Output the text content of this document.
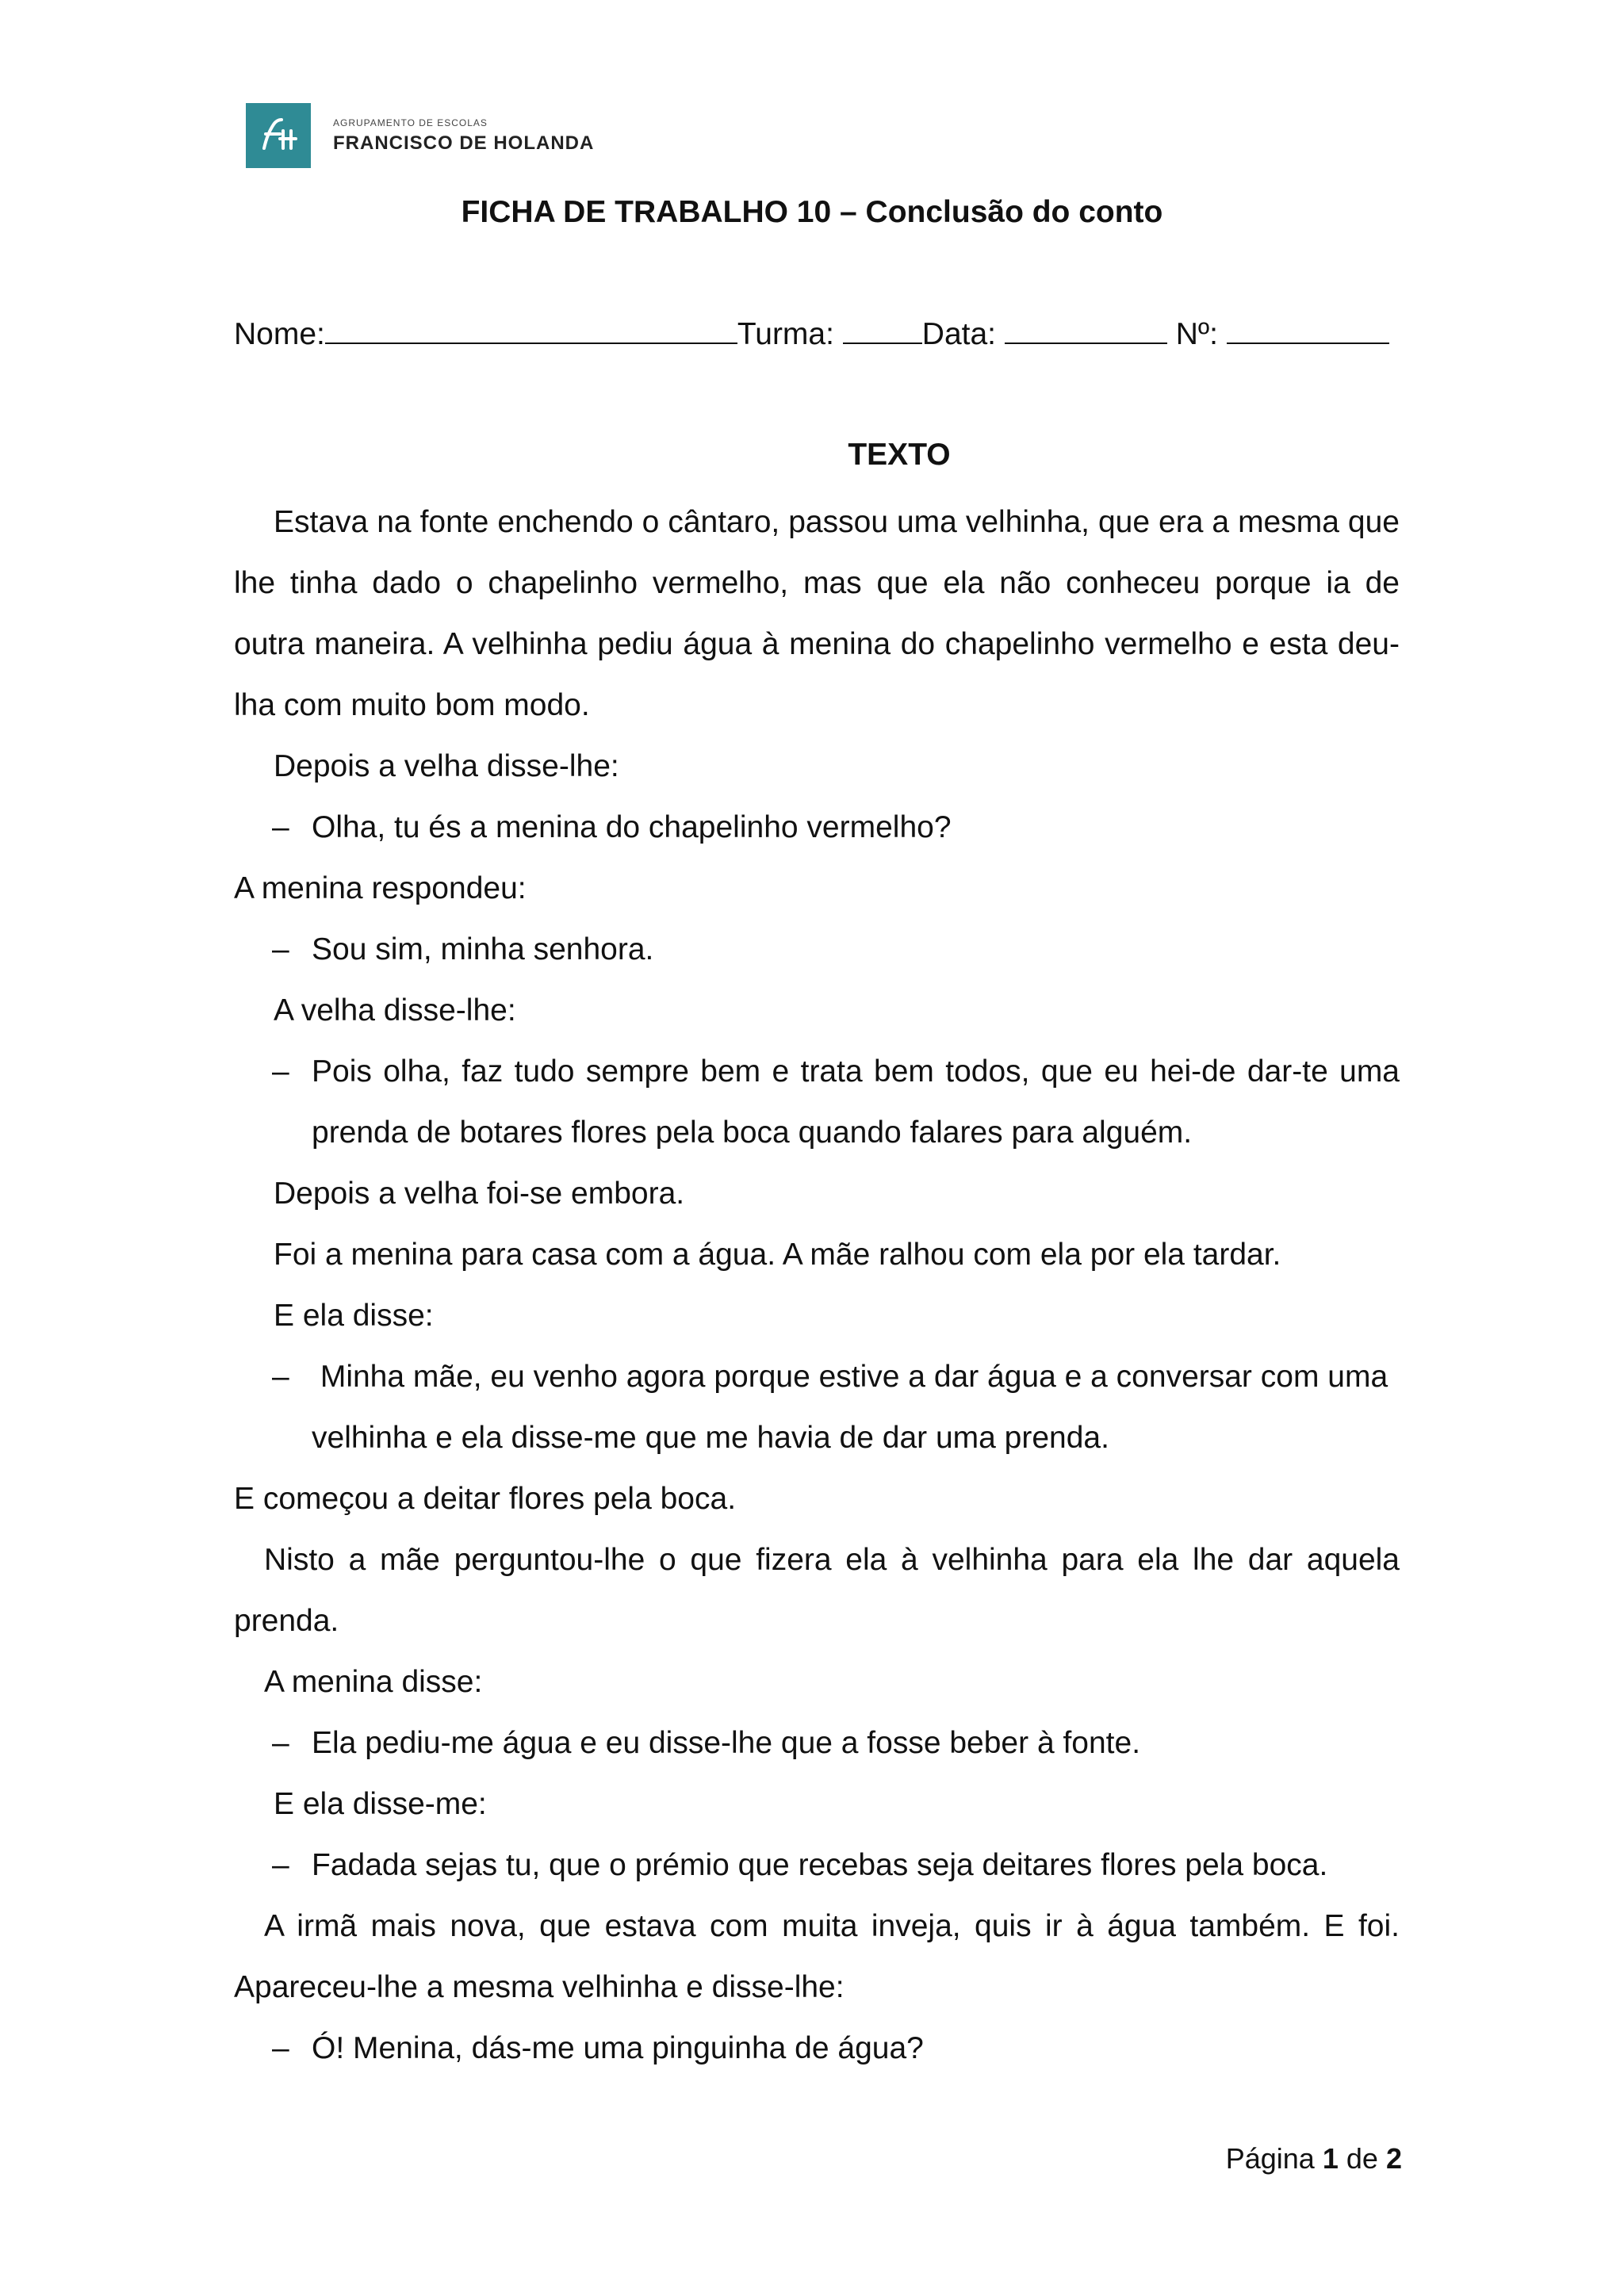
AGRUPAMENTO DE ESCOLAS
FRANCISCO DE HOLANDA
FICHA DE TRABALHO 10 – Conclusão do conto
Nome:	Turma:	Data:	Nº:
TEXTO
Estava na fonte enchendo o cântaro, passou uma velhinha, que era a mesma que
lhe tinha dado o chapelinho vermelho, mas que ela não conheceu porque ia de
outra maneira. A velhinha pediu água à menina do chapelinho vermelho e esta deu-
lha com muito bom modo.
Depois a velha disse-lhe:
– Olha, tu és a menina do chapelinho vermelho?
A menina respondeu:
– Sou sim, minha senhora.
A velha disse-lhe:
– Pois olha, faz tudo sempre bem e trata bem todos, que eu hei-de dar-te uma
prenda de botares flores pela boca quando falares para alguém.
Depois a velha foi-se embora.
Foi a menina para casa com a água. A mãe ralhou com ela por ela tardar.
E ela disse:
– Minha mãe, eu venho agora porque estive a dar água e a conversar com uma
velhinha e ela disse-me que me havia de dar uma prenda.
E começou a deitar flores pela boca.
Nisto a mãe perguntou-lhe o que fizera ela à velhinha para ela lhe dar aquela
prenda.
A menina disse:
– Ela pediu-me água e eu disse-lhe que a fosse beber à fonte.
E ela disse-me:
– Fadada sejas tu, que o prémio que recebas seja deitares flores pela boca.
A irmã mais nova, que estava com muita inveja, quis ir à água também. E foi.
Apareceu-lhe a mesma velhinha e disse-lhe:
– Ó! Menina, dás-me uma pinguinha de água?
Página 1 de 2
